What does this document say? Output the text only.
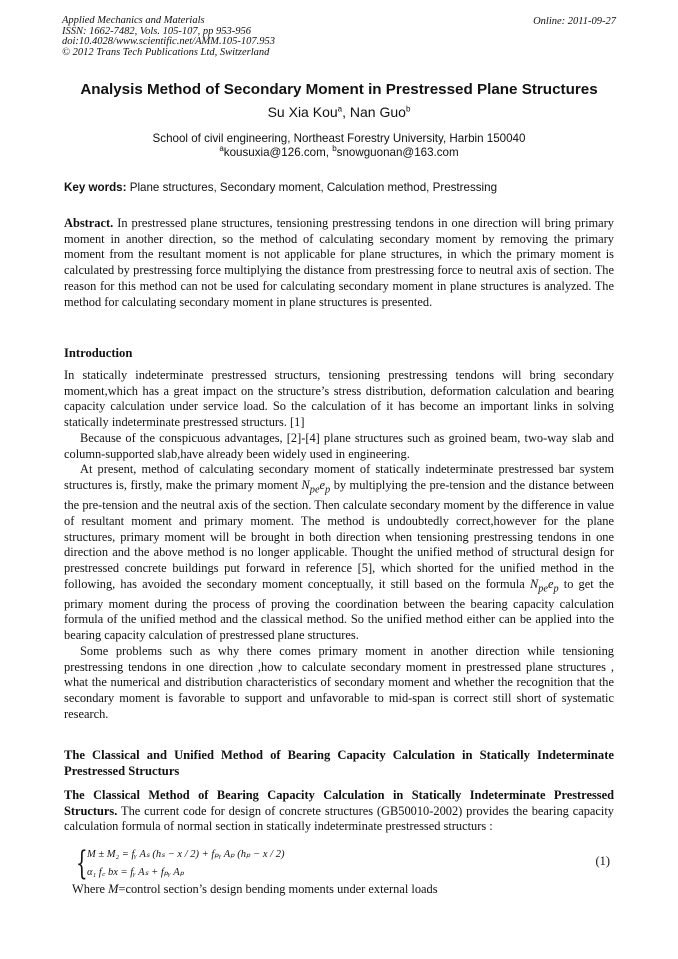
Applied Mechanics and Materials
ISSN: 1662-7482, Vols. 105-107, pp 953-956
doi:10.4028/www.scientific.net/AMM.105-107.953
© 2012 Trans Tech Publications Ltd, Switzerland
Online: 2011-09-27
Analysis Method of Secondary Moment in Prestressed Plane Structures
Su Xia Kou$^a$, Nan Guo$^b$
School of civil engineering, Northeast Forestry University, Harbin 150040
$^a$kousuxia@126.com, $^b$snowguonan@163.com
Key words: Plane structures, Secondary moment, Calculation method, Prestressing

Abstract. In prestressed plane structures, tensioning prestressing tendons in one direction will bring primary moment in another direction, so the method of calculating secondary moment by removing the primary moment from the resultant moment is not applicable for plane structures, in which the primary moment is calculated by prestressing force multiplying the distance from prestressing force to neutral axis of section. The reason for this method can not be used for calculating secondary moment in plane structures is analyzed. The method for calculating secondary moment in plane structures is presented.

Introduction

In statically indeterminate prestressed structurs, tensioning prestressing tendons will bring secondary moment,which has a great impact on the structure’s stress distribution, deformation calculation and bearing capacity calculation under service load. So the calculation of it has become an important links in solving statically indeterminate prestressed structurs. [1]

Because of the conspicuous advantages, [2]-[4] plane structures such as groined beam, two-way slab and column-supported slab,have already been widely used in engineering.

At present, method of calculating secondary moment of statically indeterminate prestressed bar system structures is, firstly, make the primary moment $N_{pe}e_p$ by multiplying the pre-tension and the distance between the pre-tension and the neutral axis of the section. Then calculate secondary moment by the difference in value of resultant moment and primary moment. The method is undoubtedly correct,however for the plane structures, primary moment will be brought in both direction when tensioning prestressing tendons in one direction and the above method is no longer applicable. Thought the unified method of structural design for prestressed concrete buildings put forward in reference [5], which shorted for the unified method in the following, has avoided the secondary moment conceptually, it still based on the formula $N_{pe}e_p$ to get the primary moment during the process of proving the coordination between the bearing capacity calculation formula of the unified method and the classical method. So the unified method either can be applied into the bearing capacity calculation of prestressed plane structures.

Some problems such as why there comes primary moment in another direction while tensioning prestressing tendons in one direction ,how to calculate secondary moment in prestressed plane structures , what the numerical and distribution characteristics of secondary moment and whether the recognition that the secondary moment is favorable to support and unfavorable to mid-span is correct still short of systematic research.

The Classical and Unified Method of Bearing Capacity Calculation in Statically Indeterminate Prestressed Structurs

The Classical Method of Bearing Capacity Calculation in Statically Indeterminate Prestressed Structurs. The current code for design of concrete structures (GB50010-2002) provides the bearing capacity calculation formula of normal section in statically indeterminate prestressed structurs :

{ M ± M₂ = fᵧ Aₛ (hₛ − x / 2) + fₚᵧ Aₚ (hₚ − x / 2)
α₁ f꜀ bx = fᵧ Aₛ + fₚᵧ Aₚ
(1)
Where M=control section’s design bending moments under external loads
